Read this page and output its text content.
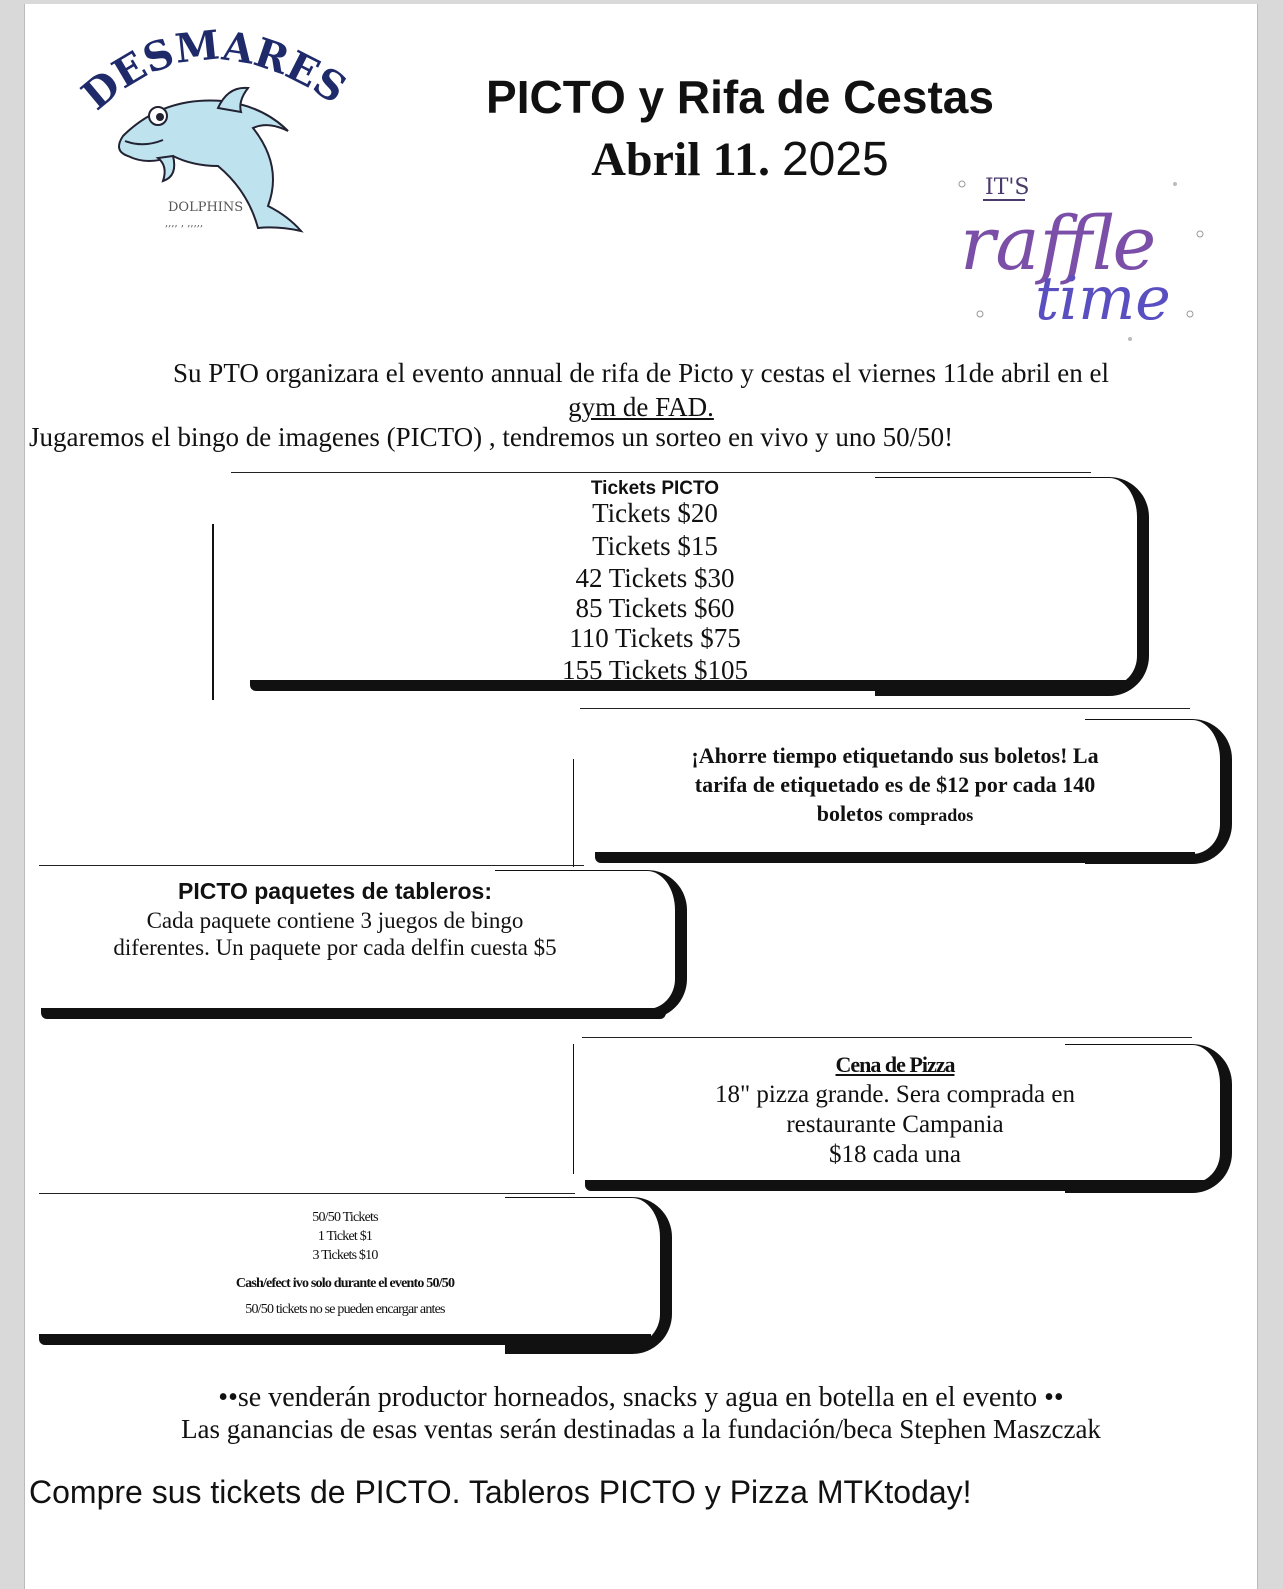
DESMARES
DOLPHINS
,,,, , ,,,,,
PICTO y Rifa de Cestas
Abril 11. 2025
IT'S
raffle
time
Su PTO organizara el evento annual de rifa de Picto y cestas el viernes 11de abril en el
gym de FAD.
Jugaremos el bingo de imagenes (PICTO) , tendremos un sorteo en vivo y uno 50/50!
Tickets PICTO
Tickets $20
Tickets $15
42 Tickets $30
85 Tickets $60
110 Tickets $75
155 Tickets $105
¡Ahorre tiempo etiquetando sus boletos! La
tarifa de etiquetado es de $12 por cada 140
boletos comprados
PICTO paquetes de tableros:
Cada paquete contiene 3 juegos de bingo
diferentes. Un paquete por cada delfin cuesta $5
Cena de Pizza
18" pizza grande. Sera comprada en
restaurante Campania
$18 cada una
50/50 Tickets
1 Ticket $1
3 Tickets $10
Cash/efect ivo solo durante el evento 50/50
50/50 tickets no se pueden encargar antes
••se venderán productor horneados, snacks y agua en botella en el evento ••
Las ganancias de esas ventas serán destinadas a la fundación/beca Stephen Maszczak
Compre sus tickets de PICTO. Tableros PICTO y Pizza MTKtoday!
